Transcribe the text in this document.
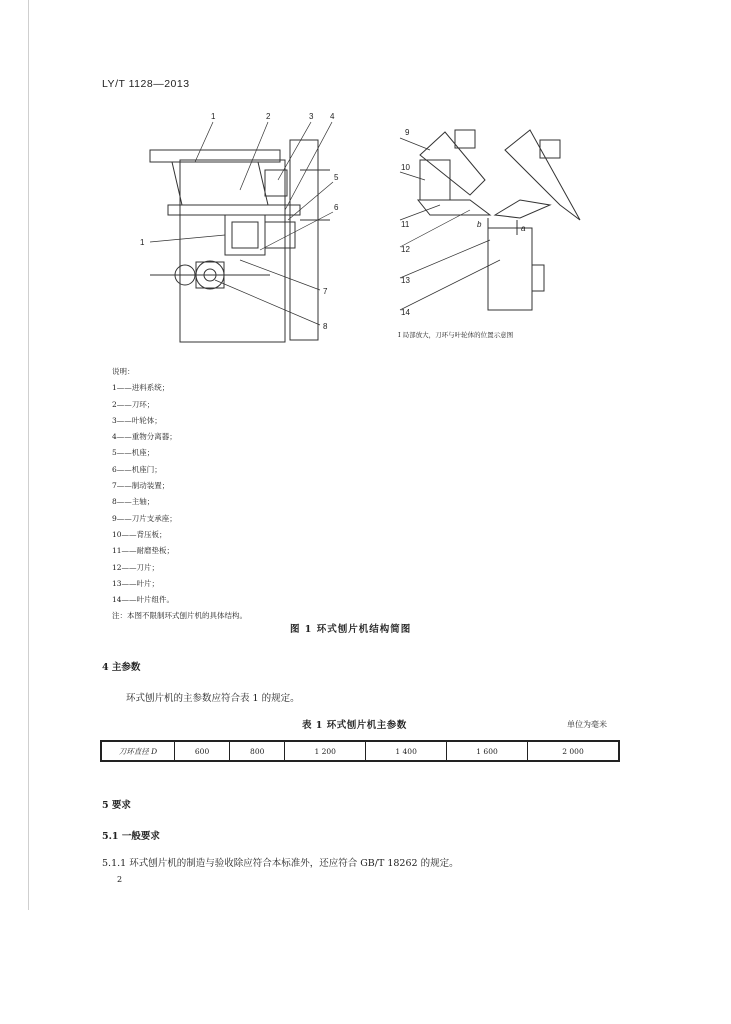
LY/T 1128—2013
1	2	3 4
5
6
7
8
1
9
10
11
12
13
14
b	a
I 局部放大，刀环与叶轮体的位置示意图
说明：
1——进料系统；
2——刀环；
3——叶轮体；
4——重物分离器；
5——机座；
6——机座门；
7——制动装置；
8——主轴；
9——刀片支承座；
10——背压板；
11——耐磨垫板；
12——刀片；
13——叶片；
14——叶片组件。
注：本图不限制环式刨片机的具体结构。
图 1 环式刨片机结构简图
4 主参数
环式刨片机的主参数应符合表 1 的规定。
表 1 环式刨片机主参数	单位为毫米
刀环直径 D	600	800	1 200	1 400	1 600	2 000
5 要求
5.1 一般要求
5.1.1 环式刨片机的制造与验收除应符合本标准外，还应符合 GB/T 18262 的规定。
2
